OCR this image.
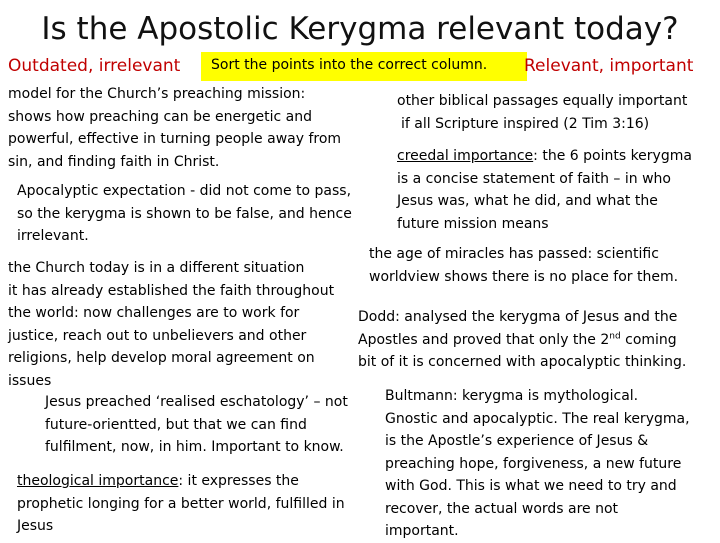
Is the Apostolic Kerygma relevant today?
Outdated, irrelevant	Sort the points into the correct column.	Relevant, important
model for the Church’s preaching mission:
shows how preaching can be energetic and
powerful, effective in turning people away from
sin, and finding faith in Christ.
Apocalyptic expectation - did not come to pass,
so the kerygma is shown to be false, and hence
irrelevant.
the Church today is in a different situation
it has already established the faith throughout
the world: now challenges are to work for
justice, reach out to unbelievers and other
religions, help develop moral agreement on
issues
Jesus preached ‘realised eschatology’ – not
future-orientted, but that we can find
fulfilment, now, in him. Important to know.
theological importance: it expresses the
prophetic longing for a better world, fulfilled in
Jesus
other biblical passages equally important
if all Scripture inspired (2 Tim 3:16)
creedal importance: the 6 points kerygma
is a concise statement of faith – in who
Jesus was, what he did, and what the
future mission means
the age of miracles has passed: scientific
worldview shows there is no place for them.
Dodd: analysed the kerygma of Jesus and the
Apostles and proved that only the 2nd coming
bit of it is concerned with apocalyptic thinking.
Bultmann: kerygma is mythological.
Gnostic and apocalyptic. The real kerygma,
is the Apostle’s experience of Jesus &
preaching hope, forgiveness, a new future
with God. This is what we need to try and
recover, the actual words are not
important.
